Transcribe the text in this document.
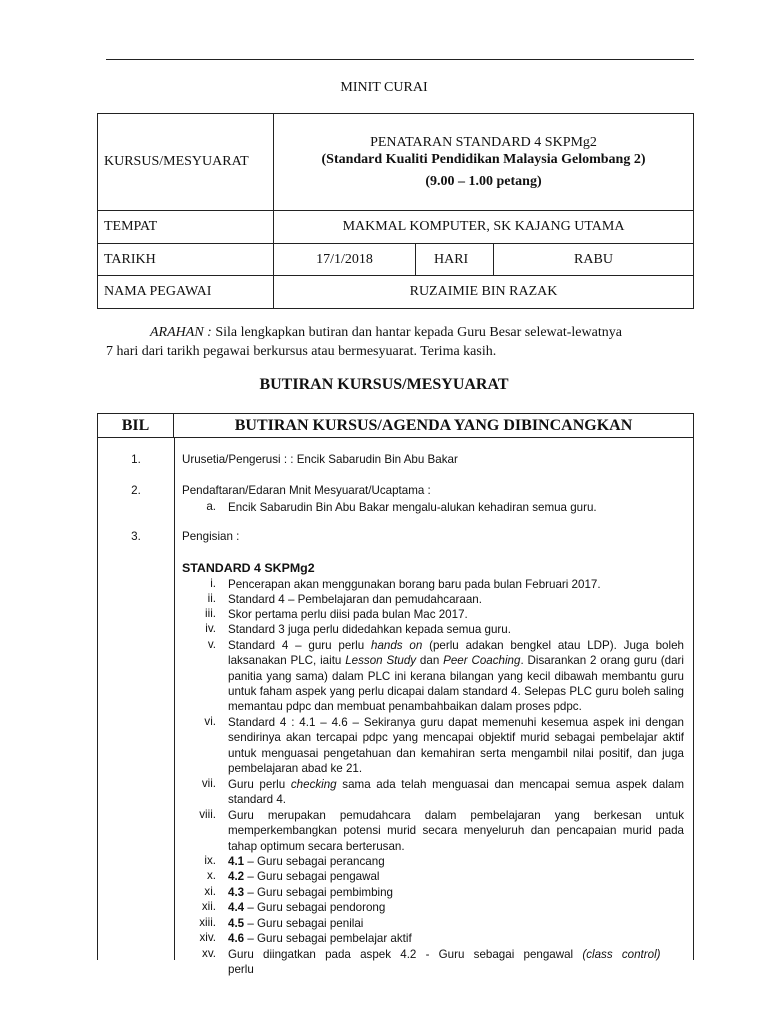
MINIT CURAI
KURSUS/MESYUARAT	PENATARAN STANDARD 4 SKPMg2
(Standard Kualiti Pendidikan Malaysia Gelombang 2)
(9.00 – 1.00 petang)		

TEMPAT	MAKMAL KOMPUTER, SK KAJANG UTAMA		
TARIKH	17/1/2018	HARI	RABU
NAMA PEGAWAI	RUZAIMIE BIN RAZAK		
ARAHAN : Sila lengkapkan butiran dan hantar kepada Guru Besar selewat-lewatnya
7 hari dari tarikh pegawai berkursus atau bermesyuarat. Terima kasih.
BUTIRAN KURSUS/MESYUARAT
BIL	BUTIRAN KURSUS/AGENDA YANG DIBINCANGKAN
1.	Urusetia/Pengerusi : : Encik Sabarudin Bin Abu Bakar
2.	Pendaftaran/Edaran Mnit Mesyuarat/Ucaptama :
a. Encik Sabarudin Bin Abu Bakar mengalu-alukan kehadiran semua guru.
3.	Pengisian :
STANDARD 4 SKPMg2
i. Pencerapan akan menggunakan borang baru pada bulan Februari 2017.
ii. Standard 4 – Pembelajaran dan pemudahcaraan.
iii. Skor pertama perlu diisi pada bulan Mac 2017.
iv. Standard 3 juga perlu didedahkan kepada semua guru.
v. Standard 4 – guru perlu hands on (perlu adakan bengkel atau LDP). Juga boleh laksanakan PLC, iaitu Lesson Study dan Peer Coaching. Disarankan 2 orang guru (dari panitia yang sama) dalam PLC ini kerana bilangan yang kecil dibawah membantu guru untuk faham aspek yang perlu dicapai dalam standard 4. Selepas PLC guru boleh saling memantau pdpc dan membuat penambahbaikan dalam proses pdpc.
vi. Standard 4 : 4.1 – 4.6 – Sekiranya guru dapat memenuhi kesemua aspek ini dengan sendirinya akan tercapai pdpc yang mencapai objektif murid sebagai pembelajar aktif untuk menguasai pengetahuan dan kemahiran serta mengambil nilai positif, dan juga pembelajaran abad ke 21.
vii. Guru perlu checking sama ada telah menguasai dan mencapai semua aspek dalam standard 4.
viii. Guru merupakan pemudahcara dalam pembelajaran yang berkesan untuk memperkembangkan potensi murid secara menyeluruh dan pencapaian murid pada tahap optimum secara berterusan.
ix. 4.1 – Guru sebagai perancang
x. 4.2 – Guru sebagai pengawal
xi. 4.3 – Guru sebagai pembimbing
xii. 4.4 – Guru sebagai pendorong
xiii. 4.5 – Guru sebagai penilai
xiv. 4.6 – Guru sebagai pembelajar aktif
xv. Guru diingatkan pada aspek 4.2 - Guru sebagai pengawal (class control) perlu
